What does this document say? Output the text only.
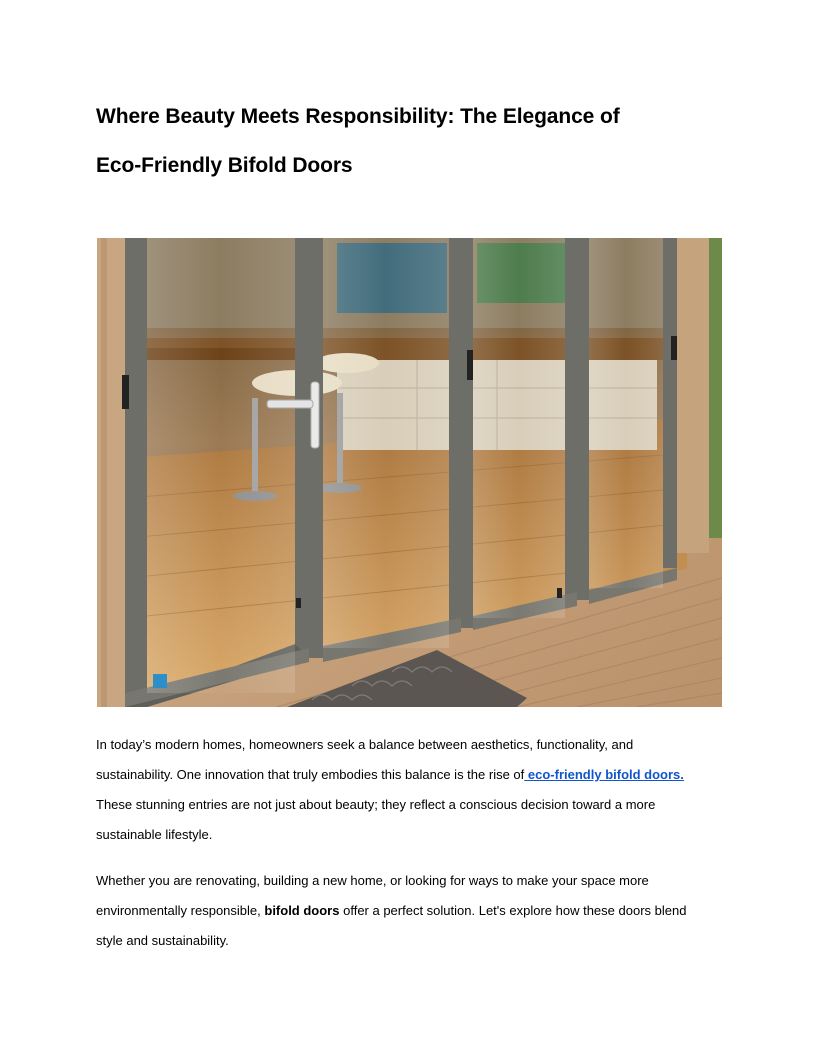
Where Beauty Meets Responsibility: The Elegance of
Eco-Friendly Bifold Doors
In today’s modern homes, homeowners seek a balance between aesthetics, functionality, and
sustainability. One innovation that truly embodies this balance is the rise of eco-friendly bifold doors.
These stunning entries are not just about beauty; they reflect a conscious decision toward a more
sustainable lifestyle.
Whether you are renovating, building a new home, or looking for ways to make your space more
environmentally responsible, bifold doors offer a perfect solution. Let's explore how these doors blend
style and sustainability.
